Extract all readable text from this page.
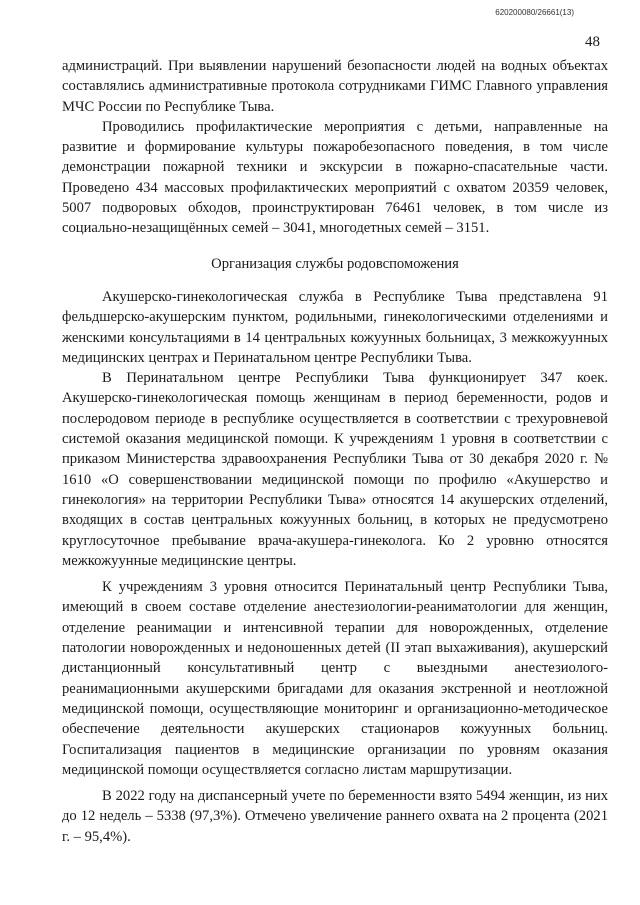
620200080/26661(13)
48

администраций. При выявлении нарушений безопасности людей на водных объектах составлялись административные протокола сотрудниками ГИМС Главного управления МЧС России по Республике Тыва.

Проводились профилактические мероприятия с детьми, направленные на развитие и формирование культуры пожаробезопасного поведения, в том числе демонстрации пожарной техники и экскурсии в пожарно-спасательные части. Проведено 434 массовых профилактических мероприятий с охватом 20359 человек, 5007 подворовых обходов, проинструктирован 76461 человек, в том числе из социально-незащищённых семей – 3041, многодетных семей – 3151.

Организация службы родовспоможения

Акушерско-гинекологическая служба в Республике Тыва представлена 91 фельдшерско-акушерским пунктом, родильными, гинекологическими отделениями и женскими консультациями в 14 центральных кожуунных больницах, 3 межкожуунных медицинских центрах и Перинатальном центре Республики Тыва.

В Перинатальном центре Республики Тыва функционирует 347 коек. Акушерско-гинекологическая помощь женщинам в период беременности, родов и послеродовом периоде в республике осуществляется в соответствии с трехуровневой системой оказания медицинской помощи. К учреждениям 1 уровня в соответствии с приказом Министерства здравоохранения Республики Тыва от 30 декабря 2020 г. № 1610 «О совершенствовании медицинской помощи по профилю «Акушерство и гинекология» на территории Республики Тыва» относятся 14 акушерских отделений, входящих в состав центральных кожуунных больниц, в которых не предусмотрено круглосуточное пребывание врача-акушера-гинеколога. Ко 2 уровню относятся межкожуунные медицинские центры.

К учреждениям 3 уровня относится Перинатальный центр Республики Тыва, имеющий в своем составе отделение анестезиологии-реаниматологии для женщин, отделение реанимации и интенсивной терапии для новорожденных, отделение патологии новорожденных и недоношенных детей (II этап выхаживания), акушерский дистанционный консультативный центр с выездными анестезиолого-реанимационными акушерскими бригадами для оказания экстренной и неотложной медицинской помощи, осуществляющие мониторинг и организационно-методическое обеспечение деятельности акушерских стационаров кожуунных больниц. Госпитализация пациентов в медицинские организации по уровням оказания медицинской помощи осуществляется согласно листам маршрутизации.

В 2022 году на диспансерный учете по беременности взято 5494 женщин, из них до 12 недель – 5338 (97,3%). Отмечено увеличение раннего охвата на 2 процента (2021 г. – 95,4%).
